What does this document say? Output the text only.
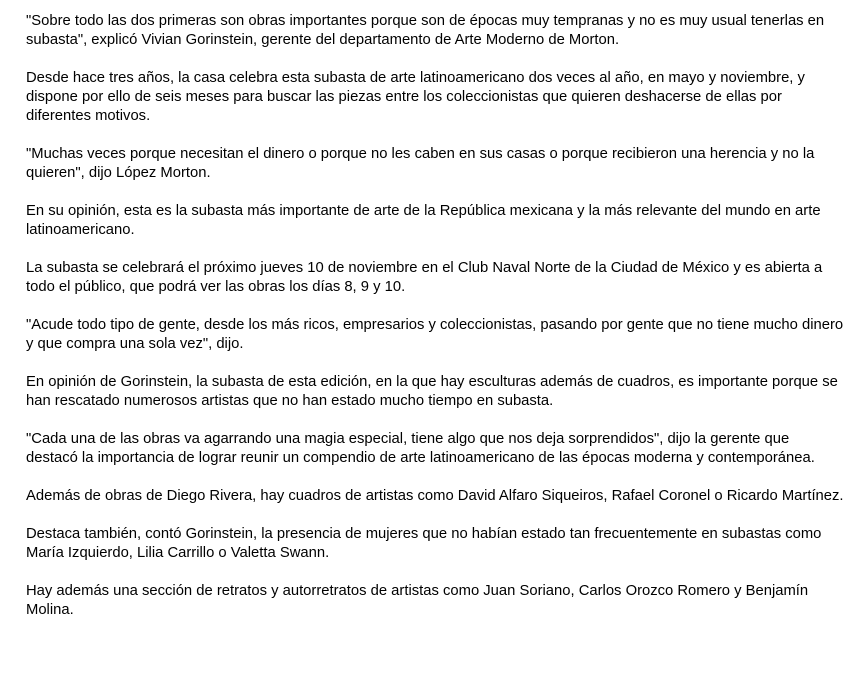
"Sobre todo las dos primeras son obras importantes porque son de épocas muy tempranas y no es muy usual tenerlas en subasta", explicó Vivian Gorinstein, gerente del departamento de Arte Moderno de Morton.

Desde hace tres años, la casa celebra esta subasta de arte latinoamericano dos veces al año, en mayo y noviembre, y dispone por ello de seis meses para buscar las piezas entre los coleccionistas que quieren deshacerse de ellas por diferentes motivos.

"Muchas veces porque necesitan el dinero o porque no les caben en sus casas o porque recibieron una herencia y no la quieren", dijo López Morton.

En su opinión, esta es la subasta más importante de arte de la República mexicana y la más relevante del mundo en arte latinoamericano.

La subasta se celebrará el próximo jueves 10 de noviembre en el Club Naval Norte de la Ciudad de México y es abierta a todo el público, que podrá ver las obras los días 8, 9 y 10.

"Acude todo tipo de gente, desde los más ricos, empresarios y coleccionistas, pasando por gente que no tiene mucho dinero y que compra una sola vez", dijo.

En opinión de Gorinstein, la subasta de esta edición, en la que hay esculturas además de cuadros, es importante porque se han rescatado numerosos artistas que no han estado mucho tiempo en subasta.

"Cada una de las obras va agarrando una magia especial, tiene algo que nos deja sorprendidos", dijo la gerente que destacó la importancia de lograr reunir un compendio de arte latinoamericano de las épocas moderna y contemporánea.

Además de obras de Diego Rivera, hay cuadros de artistas como David Alfaro Siqueiros, Rafael Coronel o Ricardo Martínez.

Destaca también, contó Gorinstein, la presencia de mujeres que no habían estado tan frecuentemente en subastas como María Izquierdo, Lilia Carrillo o Valetta Swann.

Hay además una sección de retratos y autorretratos de artistas como Juan Soriano, Carlos Orozco Romero y Benjamín Molina.
